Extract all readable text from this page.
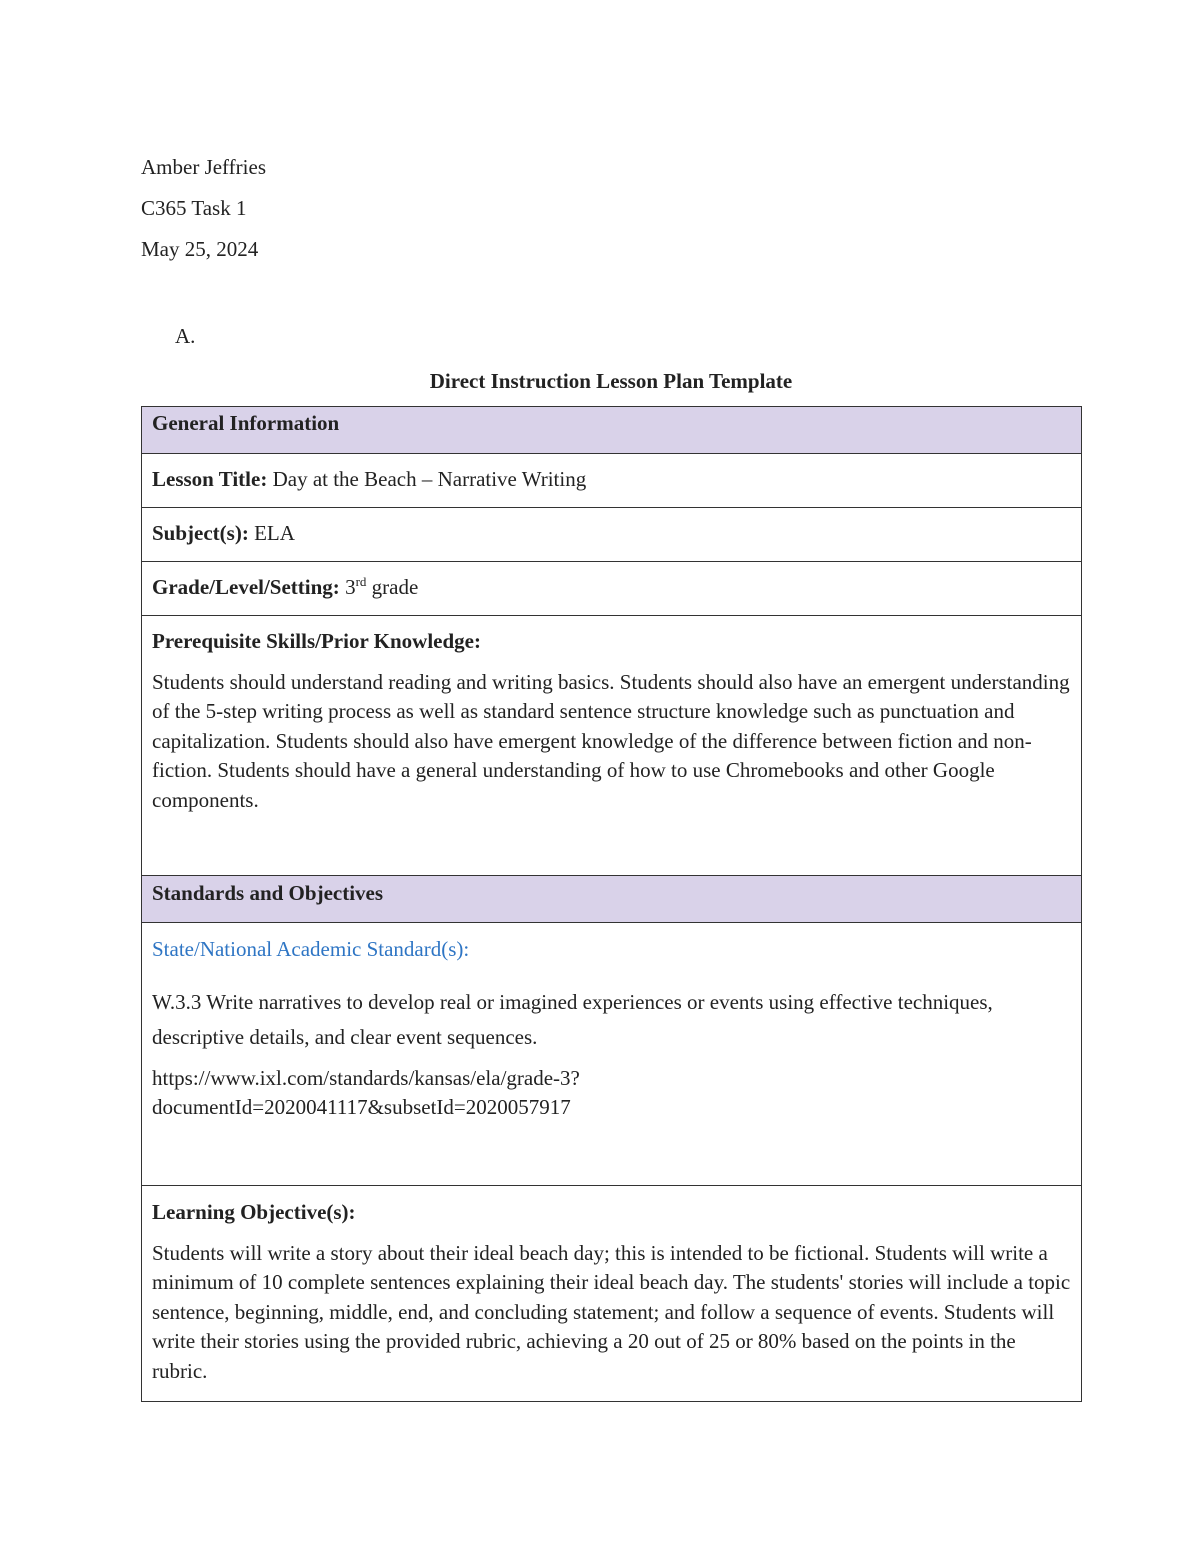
Amber Jeffries

C365 Task 1

May 25, 2024

A.
Direct Instruction Lesson Plan Template
General Information
Lesson Title: Day at the Beach – Narrative Writing
Subject(s): ELA
Grade/Level/Setting: 3rd grade

Prerequisite Skills/Prior Knowledge:

Students should understand reading and writing basics. Students should also have an emergent understanding of the 5-step writing process as well as standard sentence structure knowledge such as punctuation and capitalization. Students should also have emergent knowledge of the difference between fiction and non-fiction. Students should have a general understanding of how to use Chromebooks and other Google components.

Standards and Objectives

State/National Academic Standard(s):

W.3.3 Write narratives to develop real or imagined experiences or events using effective techniques, descriptive details, and clear event sequences.

https://www.ixl.com/standards/kansas/ela/grade-3?

documentId=2020041117&subsetId=2020057917

Learning Objective(s):

Students will write a story about their ideal beach day; this is intended to be fictional. Students will write a minimum of 10 complete sentences explaining their ideal beach day. The students' stories will include a topic sentence, beginning, middle, end, and concluding statement; and follow a sequence of events. Students will write their stories using the provided rubric, achieving a 20 out of 25 or 80% based on the points in the rubric.
